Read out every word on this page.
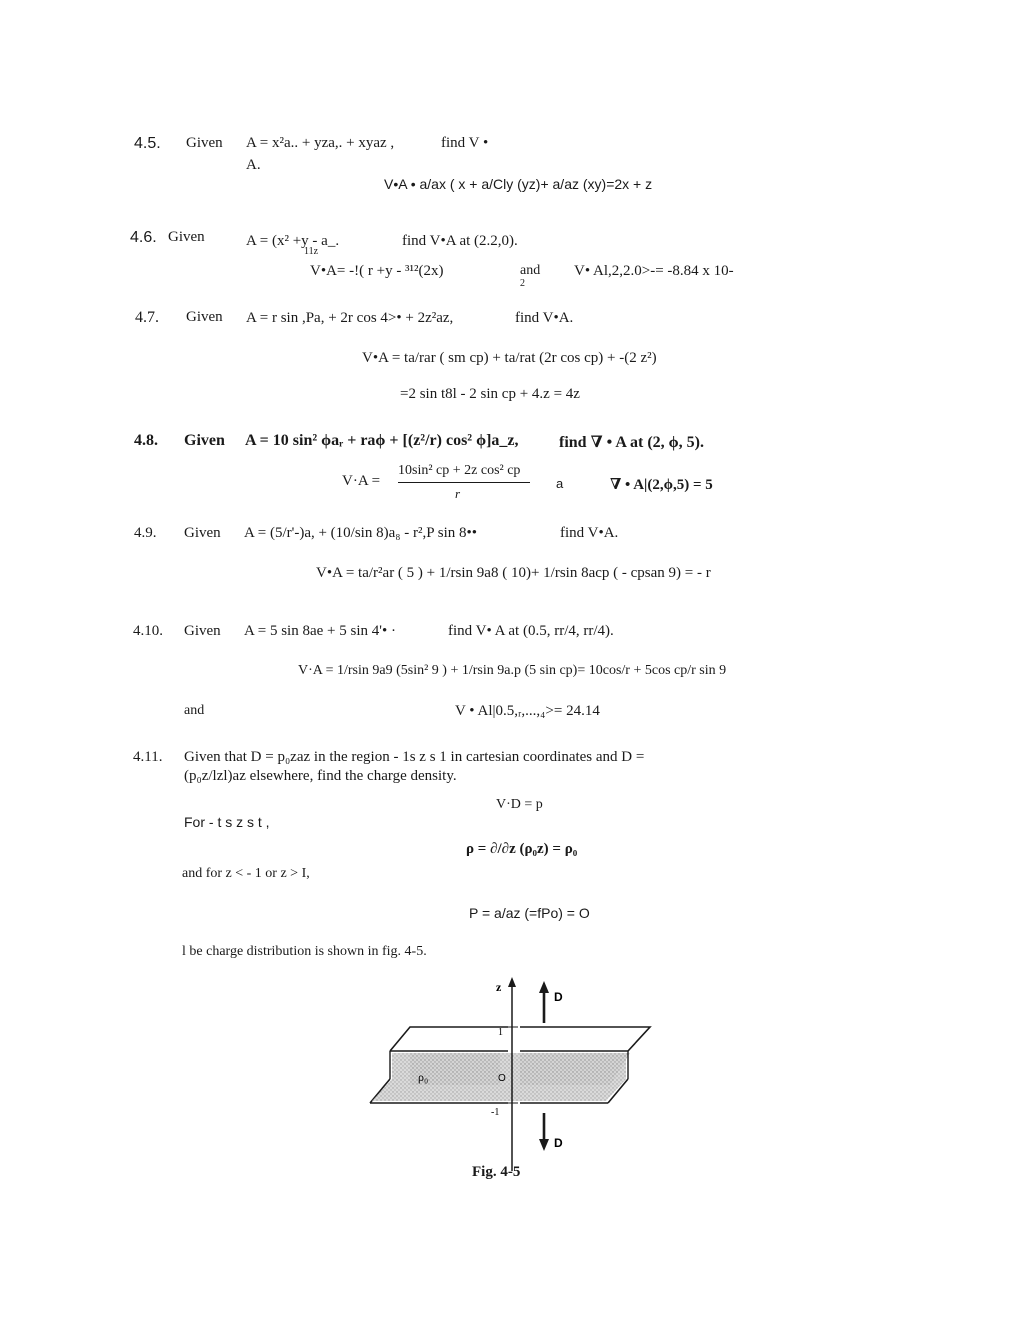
4.5. Given A = x²a.. + yza,. + xyaz ,	find V •
A.
V•A • a/ax ( x + a/Cly (yz)+ a/az (xy)=2x + z
4.6. Given	A = (x² +y - a_.
11z
find V•A at (2.2,0).
V•A= -!( r +y - ³¹²(2x)	and
2
V• Al,2,2.0>-= -8.84 x 10-
4.7. Given A = r sin ,Pa, + 2r cos 4>• + 2z²az,	find V•A.
V•A = ta/rar ( sm cp) + ta/rat (2r cos cp) + -(2 z²)
=2 sin t8l - 2 sin cp + 4.z = 4z
4.8. Given A = 10 sin² ϕaᵣ + raϕ + [(z²/r) cos² ϕ]a_z,	find ∇ • A at (2, ϕ, 5).
V·A =
10sin² cp + 2z cos² cp
r
a	∇ • A|(2,ϕ,5) = 5
4.9. Given A = (5/r'-)a, + (10/sin 8)a₈ - r²,P sin 8••	find V•A.
V•A = ta/r²ar ( 5 ) + 1/rsin 9a8 ( 10)+ 1/rsin 8acp ( - cpsan 9) = - r
4.10. Given A = 5 sin 8ae + 5 sin 4'• ·	find V• A at (0.5, rr/4, rr/4).
V·A = 1/rsin 9a9 (5sin² 9 ) + 1/rsin 9a.p (5 sin cp)= 10cos/r + 5cos cp/r sin 9
and	V • Al|0.5,ᵣ,...,₄>= 24.14
4.11. Given that D = p₀zaz in the region - 1s z s 1 in cartesian coordinates and D =
(p₀z/lzl)az elsewhere, find the charge density.
V·D = p
For - t s z s t ,
ρ = ∂/∂z (ρ₀z) = ρ₀
and for z < - 1 or z > I,
P = a/az (=fPo) = O
l be charge distribution is shown in fig. 4-5.
z
D
D
ρ₀	O
1
-1
Fig. 4-5
